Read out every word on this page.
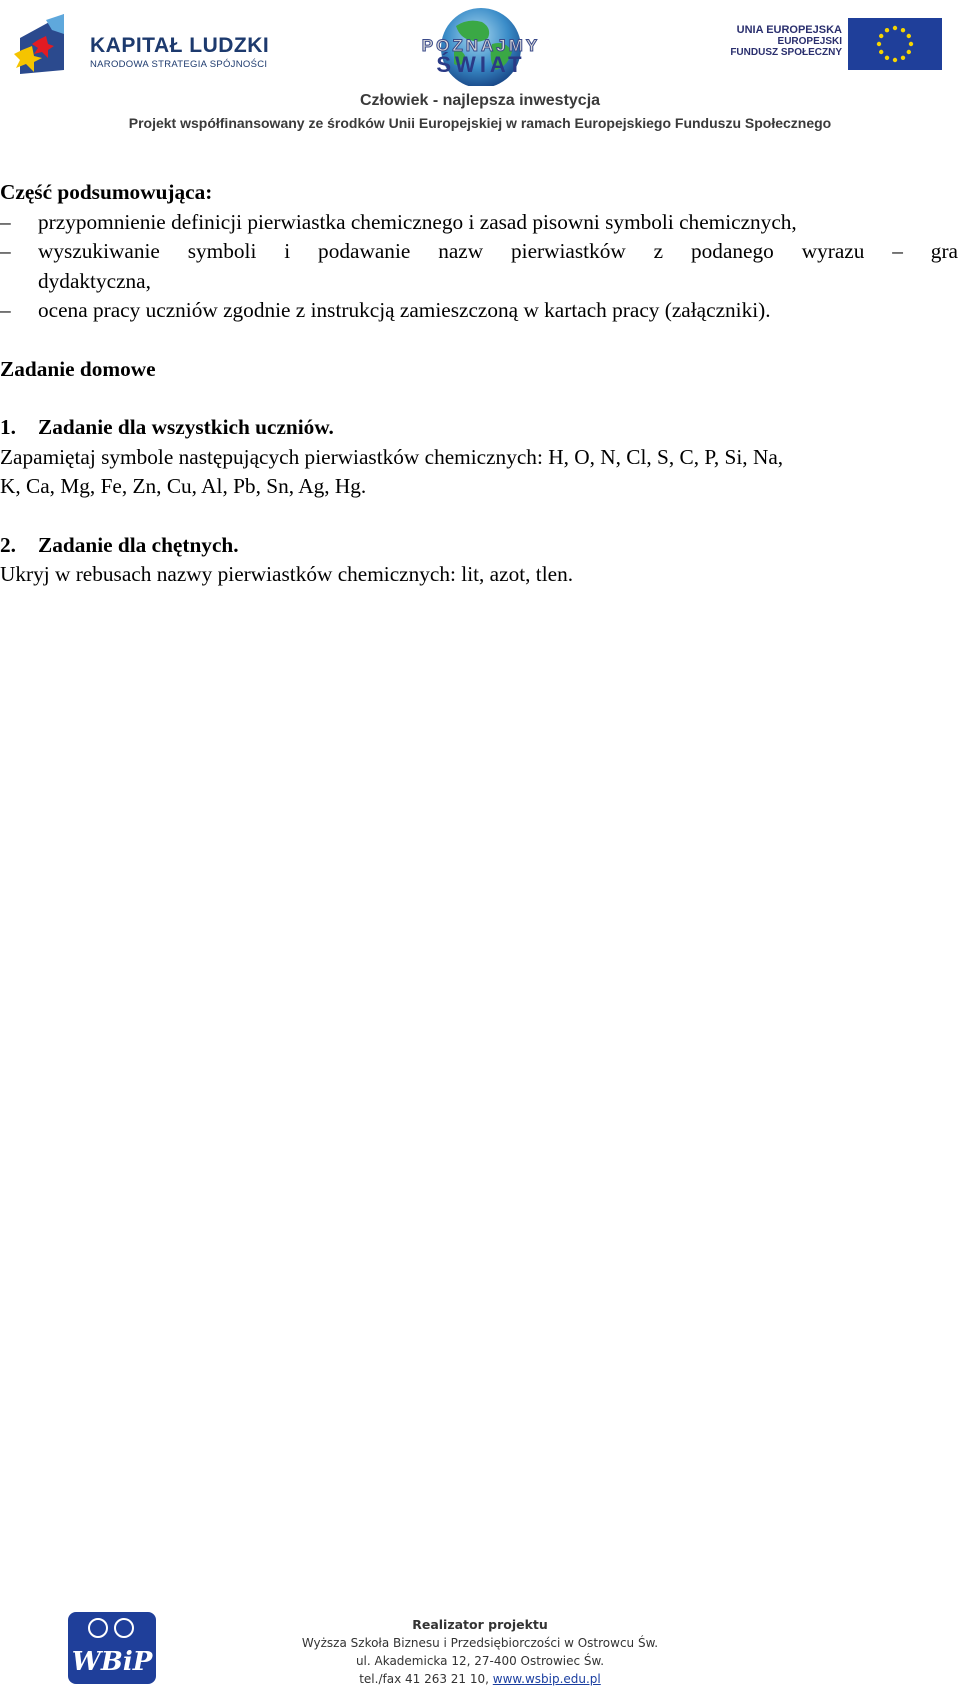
KAPITAŁ LUDZKI
NARODOWA STRATEGIA SPÓJNOŚCI
POZNAJMY
ŚWIAT
UNIA EUROPEJSKA
EUROPEJSKI
FUNDUSZ SPOŁECZNY
Człowiek - najlepsza inwestycja
Projekt współfinansowany ze środków Unii Europejskiej w ramach Europejskiego Funduszu Społecznego

Część podsumowująca:

– przypomnienie definicji pierwiastka chemicznego i zasad pisowni symboli chemicznych,
– wyszukiwanie symboli i podawanie nazw pierwiastków z podanego wyrazu – gra
dydaktyczna,
– ocena pracy uczniów zgodnie z instrukcją zamieszczoną w kartach pracy (załączniki).

Zadanie domowe

1. Zadanie dla wszystkich uczniów.

Zapamiętaj symbole następujących pierwiastków chemicznych: H, O, N, Cl, S, C, P, Si, Na,

K, Ca, Mg, Fe, Zn, Cu, Al, Pb, Sn, Ag, Hg.

2. Zadanie dla chętnych.

Ukryj w rebusach nazwy pierwiastków chemicznych: lit, azot, tlen.

WBiP
Realizator projektu
Wyższa Szkoła Biznesu i Przedsiębiorczości w Ostrowcu Św.
ul. Akademicka 12, 27-400 Ostrowiec Św.
tel./fax 41 263 21 10, www.wsbip.edu.pl
